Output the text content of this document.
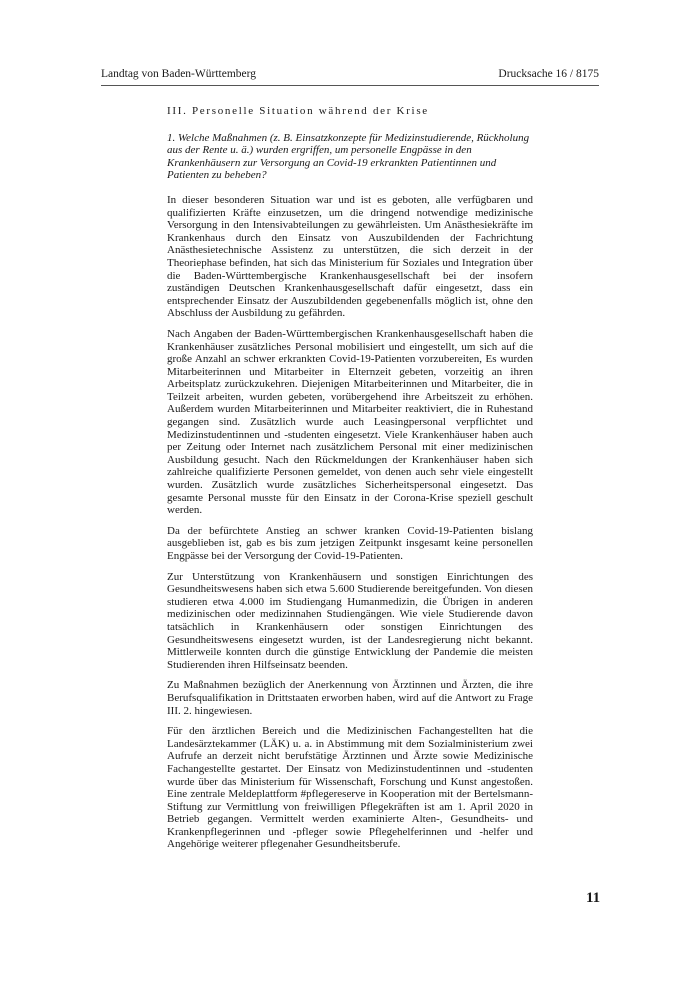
Landtag von Baden-Württemberg	Drucksache 16 / 8175
III. Personelle Situation während der Krise
1. Welche Maßnahmen (z. B. Einsatzkonzepte für Medizinstudierende, Rückholung aus der Rente u. ä.) wurden ergriffen, um personelle Engpässe in den Krankenhäusern zur Versorgung an Covid-19 erkrankten Patientinnen und Patienten zu beheben?

In dieser besonderen Situation war und ist es geboten, alle verfügbaren und qualifizierten Kräfte einzusetzen, um die dringend notwendige medizinische Versorgung in den Intensivabteilungen zu gewährleisten. Um Anästhesiekräfte im Krankenhaus durch den Einsatz von Auszubildenden der Fachrichtung Anästhesietechnische Assistenz zu unterstützen, die sich derzeit in der Theoriephase befinden, hat sich das Ministerium für Soziales und Integration über die Baden-Württembergische Krankenhausgesellschaft bei der insofern zuständigen Deutschen Krankenhausgesellschaft dafür eingesetzt, dass ein entsprechender Einsatz der Auszubildenden gegebenenfalls möglich ist, ohne den Abschluss der Ausbildung zu gefährden.

Nach Angaben der Baden-Württembergischen Krankenhausgesellschaft haben die Krankenhäuser zusätzliches Personal mobilisiert und eingestellt, um sich auf die große Anzahl an schwer erkrankten Covid-19-Patienten vorzubereiten, Es wurden Mitarbeiterinnen und Mitarbeiter in Elternzeit gebeten, vorzeitig an ihren Arbeitsplatz zurückzukehren. Diejenigen Mitarbeiterinnen und Mitarbeiter, die in Teilzeit arbeiten, wurden gebeten, vorübergehend ihre Arbeitszeit zu erhöhen. Außerdem wurden Mitarbeiterinnen und Mitarbeiter reaktiviert, die in Ruhestand gegangen sind. Zusätzlich wurde auch Leasingpersonal verpflichtet und Medizinstudentinnen und -studenten eingesetzt. Viele Krankenhäuser haben auch per Zeitung oder Internet nach zusätzlichem Personal mit einer medizinischen Ausbildung gesucht. Nach den Rückmeldungen der Krankenhäuser haben sich zahlreiche qualifizierte Personen gemeldet, von denen auch sehr viele eingestellt wurden. Zusätzlich wurde zusätzliches Sicherheitspersonal eingesetzt. Das gesamte Personal musste für den Einsatz in der Corona-Krise speziell geschult werden.

Da der befürchtete Anstieg an schwer kranken Covid-19-Patienten bislang ausgeblieben ist, gab es bis zum jetzigen Zeitpunkt insgesamt keine personellen Engpässe bei der Versorgung der Covid-19-Patienten.

Zur Unterstützung von Krankenhäusern und sonstigen Einrichtungen des Gesundheitswesens haben sich etwa 5.600 Studierende bereitgefunden. Von diesen studieren etwa 4.000 im Studiengang Humanmedizin, die Übrigen in anderen medizinischen oder medizinnahen Studiengängen. Wie viele Studierende davon tatsächlich in Krankenhäusern oder sonstigen Einrichtungen des Gesundheitswesens eingesetzt wurden, ist der Landesregierung nicht bekannt. Mittlerweile konnten durch die günstige Entwicklung der Pandemie die meisten Studierenden ihren Hilfseinsatz beenden.

Zu Maßnahmen bezüglich der Anerkennung von Ärztinnen und Ärzten, die ihre Berufsqualifikation in Drittstaaten erworben haben, wird auf die Antwort zu Frage III. 2. hingewiesen.

Für den ärztlichen Bereich und die Medizinischen Fachangestellten hat die Landesärztekammer (LÄK) u. a. in Abstimmung mit dem Sozialministerium zwei Aufrufe an derzeit nicht berufstätige Ärztinnen und Ärzte sowie Medizinische Fachangestellte gestartet. Der Einsatz von Medizinstudentinnen und -studenten wurde über das Ministerium für Wissenschaft, Forschung und Kunst angestoßen. Eine zentrale Meldeplattform #pflegereserve in Kooperation mit der Bertelsmann-Stiftung zur Vermittlung von freiwilligen Pflegekräften ist am 1. April 2020 in Betrieb gegangen. Vermittelt werden examinierte Alten-, Gesundheits- und Krankenpflegerinnen und -pfleger sowie Pflegehelferinnen und -helfer und Angehörige weiterer pflegenaher Gesundheitsberufe.

11
